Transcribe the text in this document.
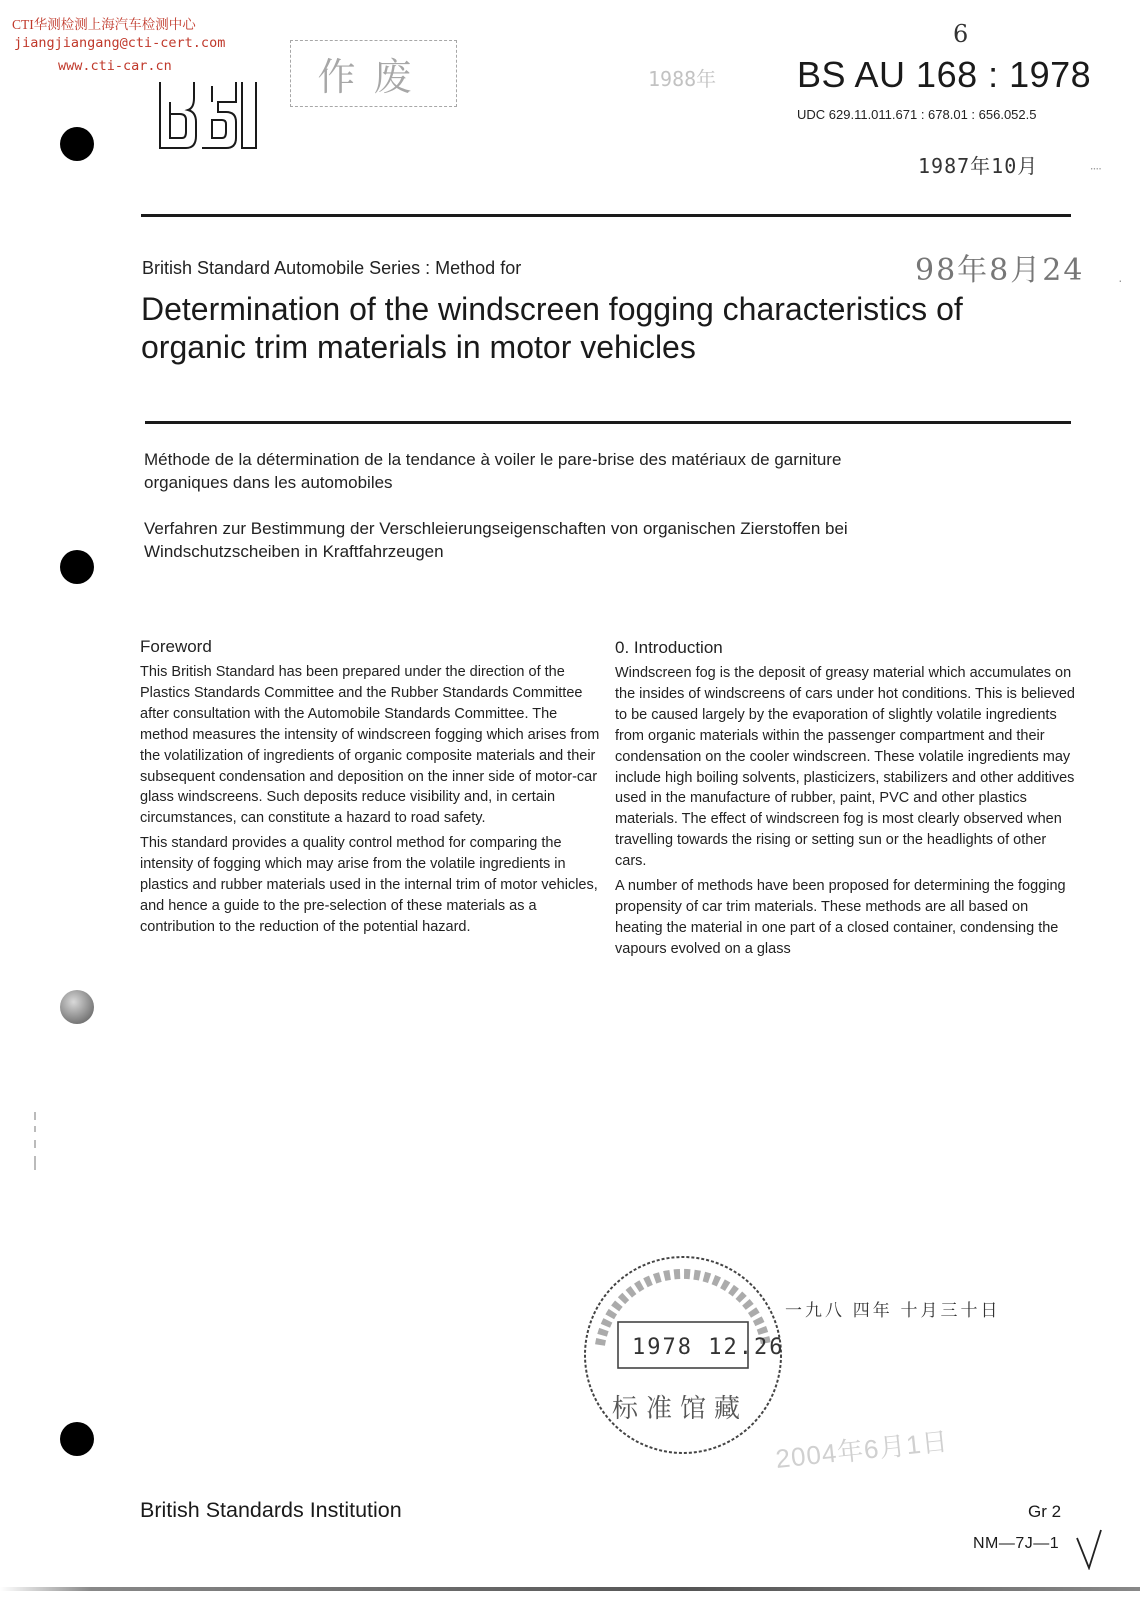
CTI华测检测上海汽车检测中心
jiangjiangang@cti-cert.com
www.cti-car.cn	作废	1988年
6
BS AU 168 : 1978
UDC 629.11.011.671 : 678.01 : 656.052.5
1987年10月	᠁
British Standard Automobile Series : Method for	98年8月24 ·
Determination of the windscreen fogging characteristics of organic trim materials in motor vehicles
Méthode de la détermination de la tendance à voiler le pare-brise des matériaux de garniture organiques dans les automobiles
Verfahren zur Bestimmung der Verschleierungseigenschaften von organischen Zierstoffen bei Windschutzscheiben in Kraftfahrzeugen
Foreword

This British Standard has been prepared under the direction of the Plastics Standards Committee and the Rubber Standards Committee after consultation with the Automobile Standards Committee. The method measures the intensity of windscreen fogging which arises from the volatilization of ingredients of organic composite materials and their subsequent condensation and deposition on the inner side of motor-car glass windscreens. Such deposits reduce visibility and, in certain circumstances, can constitute a hazard to road safety.

This standard provides a quality control method for comparing the intensity of fogging which may arise from the volatile ingredients in plastics and rubber materials used in the internal trim of motor vehicles, and hence a guide to the pre-selection of these materials as a contribution to the reduction of the potential hazard.

0. Introduction

Windscreen fog is the deposit of greasy material which accumulates on the insides of windscreens of cars under hot conditions. This is believed to be caused largely by the evaporation of slightly volatile ingredients from organic materials within the passenger compartment and their condensation on the cooler windscreen. These volatile ingredients may include high boiling solvents, plasticizers, stabilizers and other additives used in the manufacture of rubber, paint, PVC and other plastics materials. The effect of windscreen fog is most clearly observed when travelling towards the rising or setting sun or the headlights of other cars.

A number of methods have been proposed for determining the fogging propensity of car trim materials. These methods are all based on heating the material in one part of a closed container, condensing the vapours evolved on a glass

1978 12.26
标准馆藏
一九八 四年 十月三十日
2004年6月1日
British Standards Institution	Gr 2
NM—7J—1
